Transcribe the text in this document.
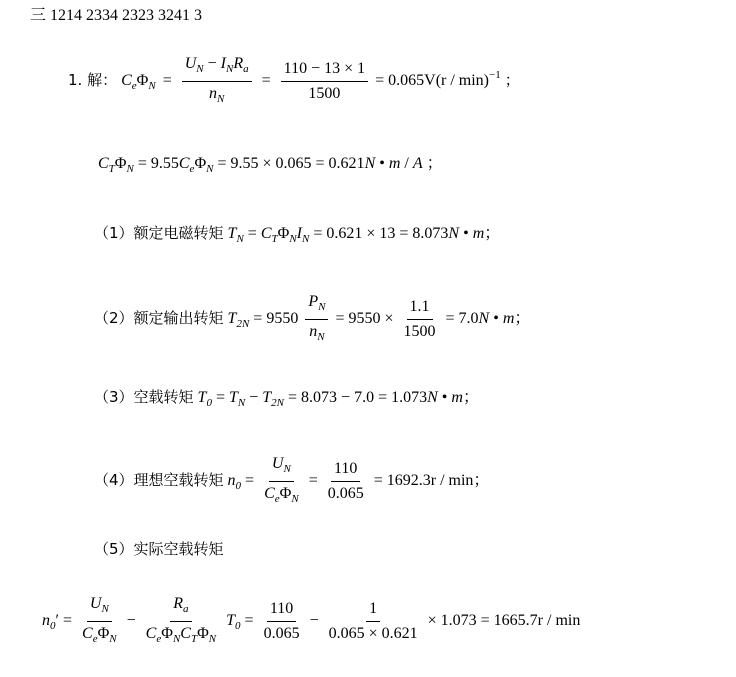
三 1214 2334 2323 3241 3
1. 解： $C_e\Phi_N = \frac{U_N - I_NR_a}{n_N} = \frac{110 - 13 \times 1}{1500} = 0.065V(r / \min)^{-1}$ ；
$C_T\Phi_N = 9.55C_e\Phi_N = 9.55 \times 0.065 = 0.621N$ • m / A ；
（1）额定电磁转矩 $T_N = C_T\Phi_NI_N = 0.621 \times 13 = 8.073N$ • m；
（2）额定输出转矩 $T_{2N} = 9550 \frac{P_N}{n_N} = 9550 \times \frac{1.1}{1500} = 7.0N$ • m；
（3）空载转矩 $T_0 = T_N - T_{2N} = 8.073 - 7.0 = 1.073N$ • m；
（4）理想空载转矩 $n_0 = \frac{U_N}{C_e\Phi_N} = \frac{110}{0.065} = 1692.3r / \min$；
（5）实际空载转矩
$n_0' = \frac{U_N}{C_e\Phi_N} - \frac{R_a}{C_e\Phi_NC_T\Phi_N} T_0 = \frac{110}{0.065} - \frac{1}{0.065 \times 0.621} \times 1.073 = 1665.7r / \min$
